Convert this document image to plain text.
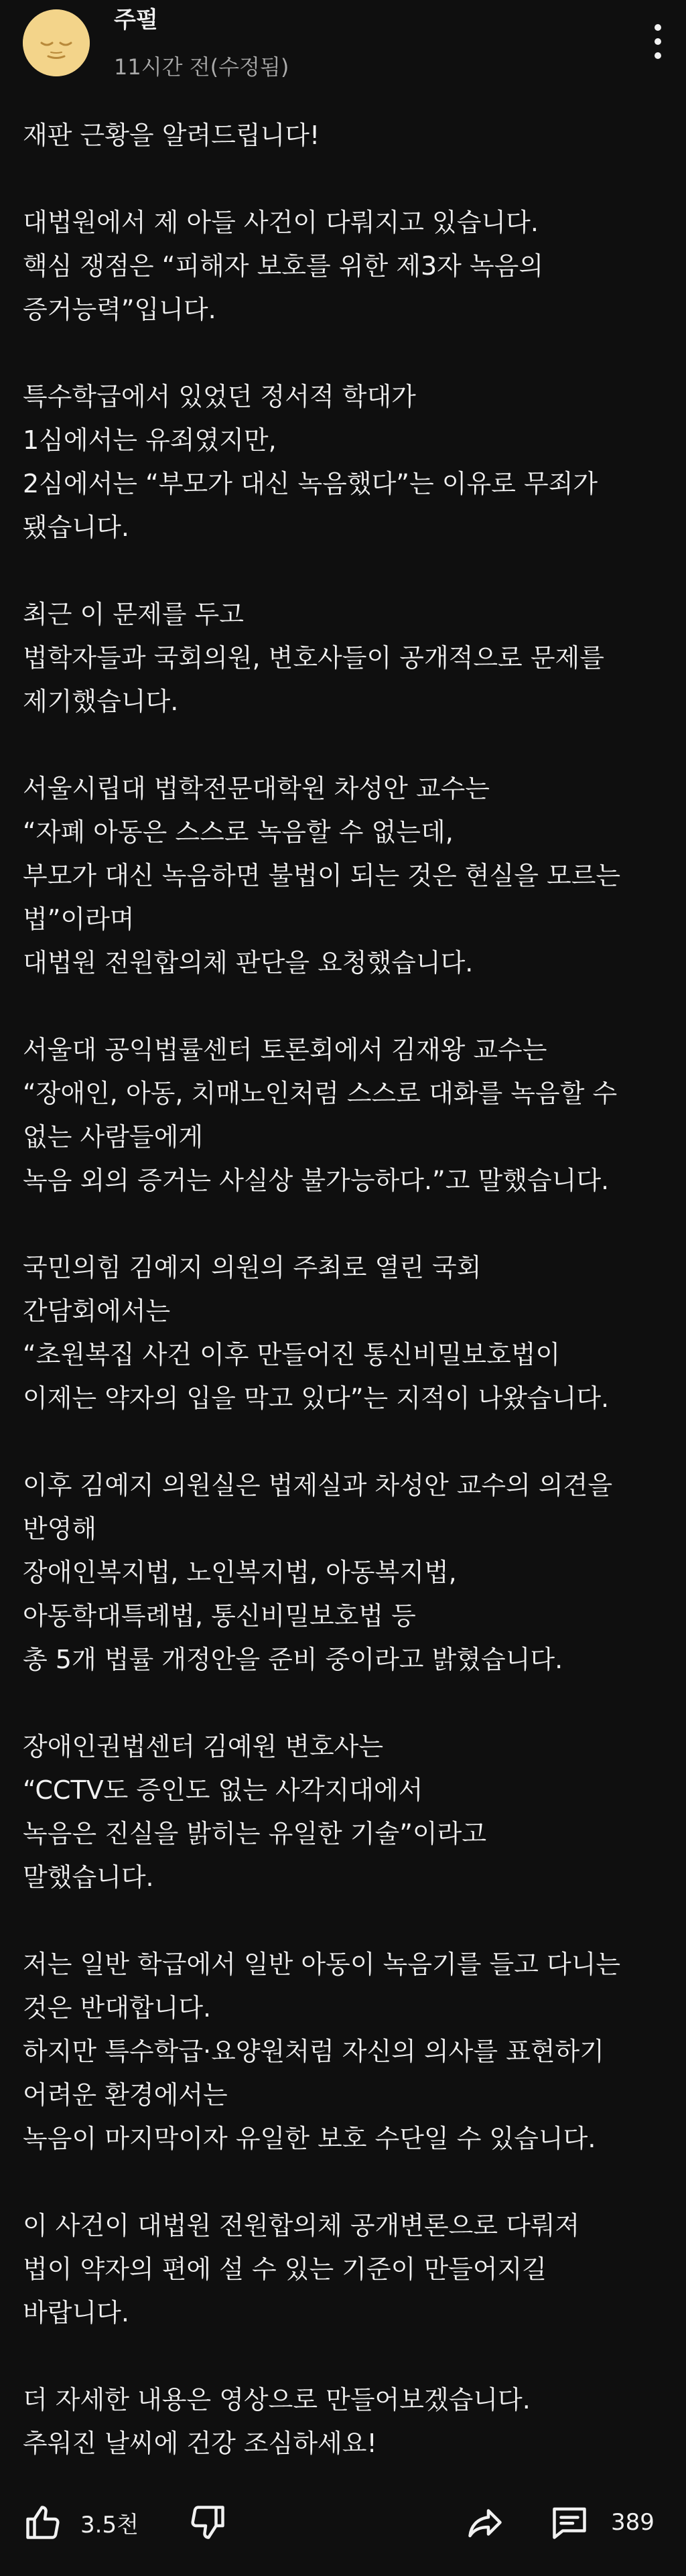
주펄
11시간 전(수정됨)
재판 근황을 알려드립니다!
대법원에서 제 아들 사건이 다뤄지고 있습니다.
핵심 쟁점은 “피해자 보호를 위한 제3자 녹음의
증거능력”입니다.
특수학급에서 있었던 정서적 학대가
1심에서는 유죄였지만,
2심에서는 “부모가 대신 녹음했다”는 이유로 무죄가
됐습니다.
최근 이 문제를 두고
법학자들과 국회의원, 변호사들이 공개적으로 문제를
제기했습니다.
서울시립대 법학전문대학원 차성안 교수는
“자폐 아동은 스스로 녹음할 수 없는데,
부모가 대신 녹음하면 불법이 되는 것은 현실을 모르는
법”이라며
대법원 전원합의체 판단을 요청했습니다.
서울대 공익법률센터 토론회에서 김재왕 교수는
“장애인, 아동, 치매노인처럼 스스로 대화를 녹음할 수
없는 사람들에게
녹음 외의 증거는 사실상 불가능하다.”고 말했습니다.
국민의힘 김예지 의원의 주최로 열린 국회
간담회에서는
“초원복집 사건 이후 만들어진 통신비밀보호법이
이제는 약자의 입을 막고 있다”는 지적이 나왔습니다.
이후 김예지 의원실은 법제실과 차성안 교수의 의견을
반영해
장애인복지법, 노인복지법, 아동복지법,
아동학대특례법, 통신비밀보호법 등
총 5개 법률 개정안을 준비 중이라고 밝혔습니다.
장애인권법센터 김예원 변호사는
“CCTV도 증인도 없는 사각지대에서
녹음은 진실을 밝히는 유일한 기술”이라고
말했습니다.
저는 일반 학급에서 일반 아동이 녹음기를 들고 다니는
것은 반대합니다.
하지만 특수학급·요양원처럼 자신의 의사를 표현하기
어려운 환경에서는
녹음이 마지막이자 유일한 보호 수단일 수 있습니다.
이 사건이 대법원 전원합의체 공개변론으로 다뤄져
법이 약자의 편에 설 수 있는 기준이 만들어지길
바랍니다.
더 자세한 내용은 영상으로 만들어보겠습니다.
추워진 날씨에 건강 조심하세요!
3.5천	389
